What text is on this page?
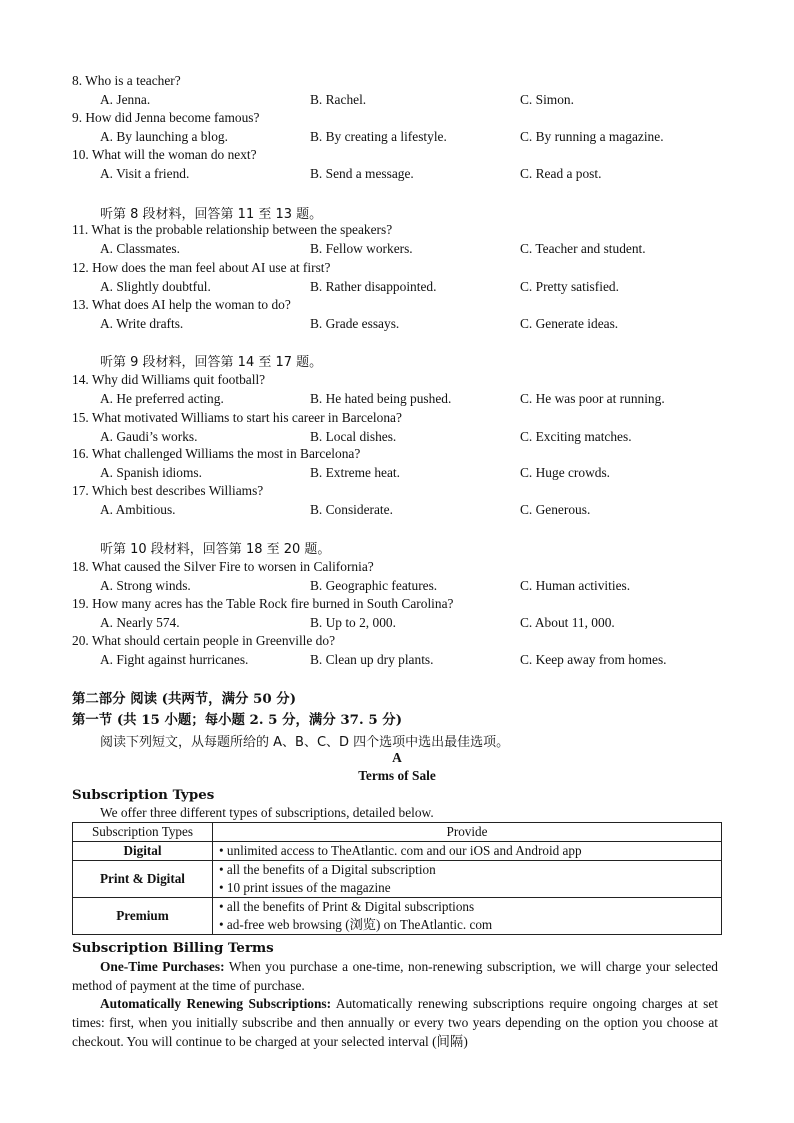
8. Who is a teacher?
A. Jenna.	B. Rachel.	C. Simon.
9. How did Jenna become famous?
A. By launching a blog.	B. By creating a lifestyle.	C. By running a magazine.
10. What will the woman do next?
A. Visit a friend.	B. Send a message.	C. Read a post.
11. What is the probable relationship between the speakers?
A. Classmates.	B. Fellow workers.	C. Teacher and student.
12. How does the man feel about AI use at first?
A. Slightly doubtful.	B. Rather disappointed.	C. Pretty satisfied.
13. What does AI help the woman to do?
A. Write drafts.	B. Grade essays.	C. Generate ideas.
14. Why did Williams quit football?
A. He preferred acting.	B. He hated being pushed.	C. He was poor at running.
15. What motivated Williams to start his career in Barcelona?
A. Gaudi’s works.	B. Local dishes.	C. Exciting matches.
16. What challenged Williams the most in Barcelona?
A. Spanish idioms.	B. Extreme heat.	C. Huge crowds.
17. Which best describes Williams?
A. Ambitious.	B. Considerate.	C. Generous.
18. What caused the Silver Fire to worsen in California?
A. Strong winds.	B. Geographic features.	C. Human activities.
19. How many acres has the Table Rock fire burned in South Carolina?
A. Nearly 574.	B. Up to 2, 000.	C. About 11, 000.
20. What should certain people in Greenville do?
A. Fight against hurricanes.	B. Clean up dry plants.	C. Keep away from homes.
听第 8 段材料，回答第 11 至 13 题。
听第 9 段材料，回答第 14 至 17 题。
听第 10 段材料，回答第 18 至 20 题。
第二部分 阅读 (共两节，满分 50 分)
第一节 (共 15 小题；每小题 2. 5 分，满分 37. 5 分)
阅读下列短文，从每题所给的 A、B、C、D 四个选项中选出最佳选项。
A
Terms of Sale
Subscription Types
We offer three different types of subscriptions, detailed below.
Subscription Types	Provide
Digital	• unlimited access to TheAtlantic. com and our iOS and Android app

Print & Digital	• all the benefits of a Digital subscription
• 10 print issues of the magazine

Premium	• all the benefits of Print & Digital subscriptions
• ad-free web browsing (浏览) on TheAtlantic. com
Subscription Billing Terms
One-Time Purchases: When you purchase a one-time, non-renewing subscription, we will charge your selected method of payment at the time of purchase.
Automatically Renewing Subscriptions: Automatically renewing subscriptions require ongoing charges at set times: first, when you initially subscribe and then annually or every two years depending on the option you choose at checkout. You will continue to be charged at your selected interval (间隔)
